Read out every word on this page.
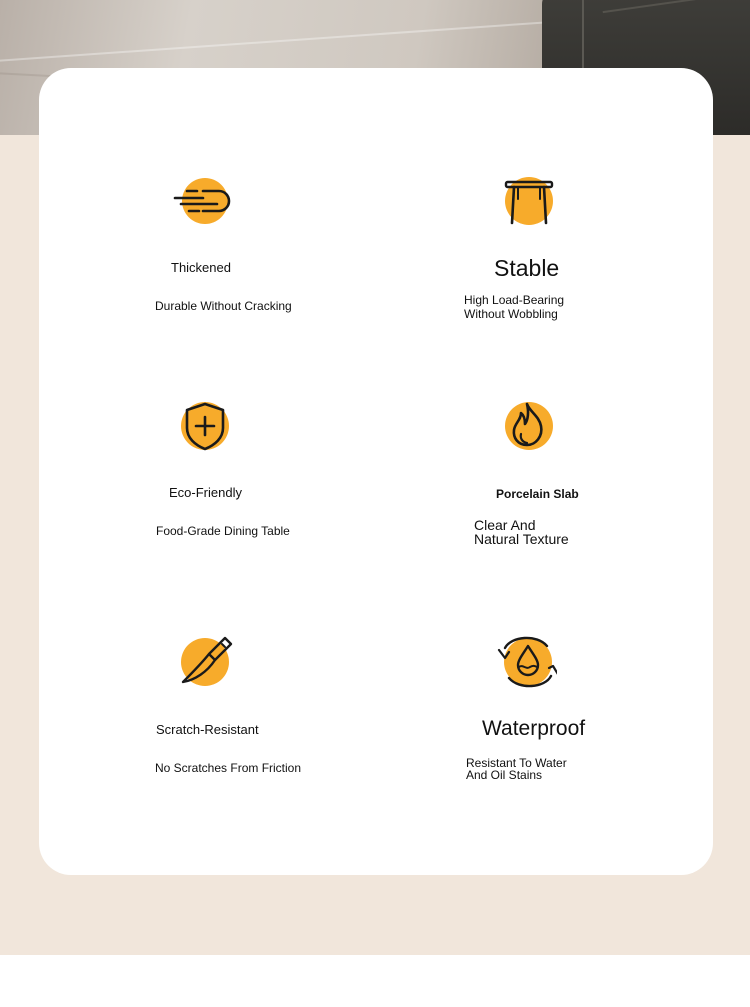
Thickened
Durable Without Cracking
Stable
High Load-Bearing Without Wobbling
Eco-Friendly
Food-Grade Dining Table
Porcelain Slab
Clear And Natural Texture
Scratch-Resistant
No Scratches From Friction
Waterproof
Resistant To Water And Oil Stains
